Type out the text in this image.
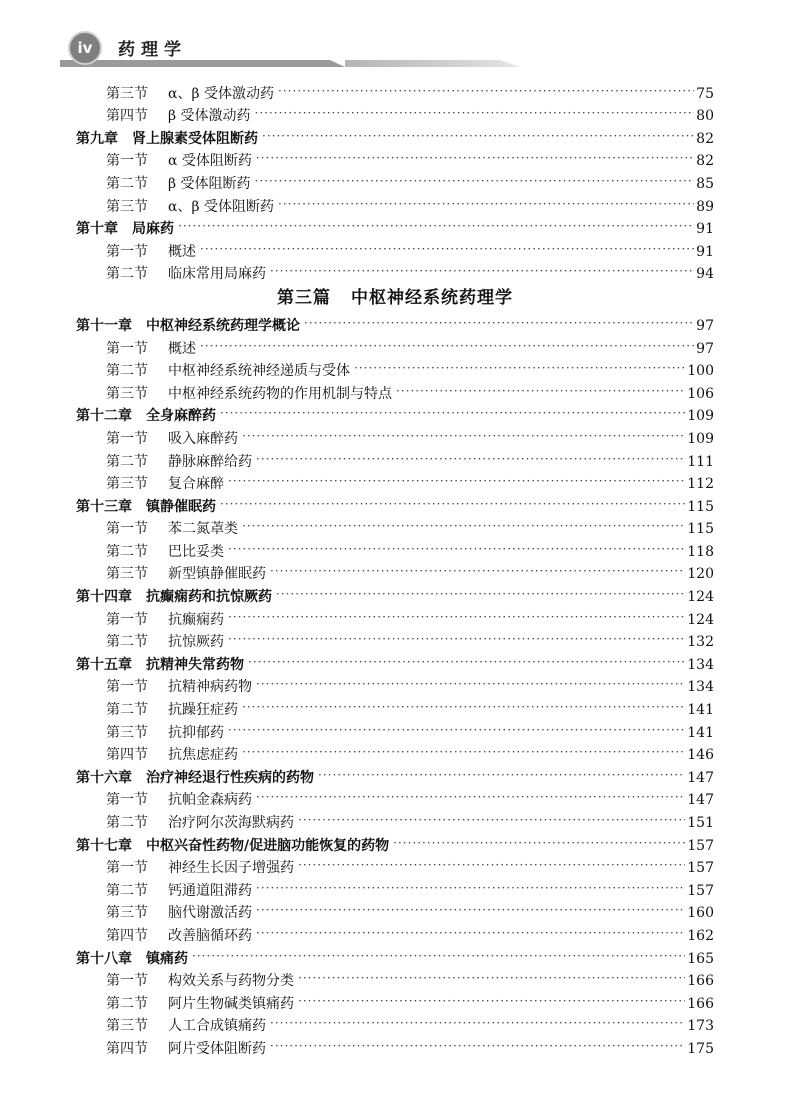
iv	药理学
第三节	α、β 受体激动药 ·····	75
第四节	β 受体激动药 ·····	80
第九章 肾上腺素受体阻断药 ·····	82
第一节	α 受体阻断药 ·····	82
第二节	β 受体阻断药 ·····	85
第三节	α、β 受体阻断药 ·····	89
第十章 局麻药 ·····	91
第一节	概述 ·····	91
第二节	临床常用局麻药 ·····	94
第三篇 中枢神经系统药理学
第十一章 中枢神经系统药理学概论 ·····	97
第一节	概述 ·····	97
第二节	中枢神经系统神经递质与受体 ·····	100
第三节	中枢神经系统药物的作用机制与特点 ·····	106
第十二章 全身麻醉药 ·····	109
第一节	吸入麻醉药 ·····	109
第二节	静脉麻醉给药 ·····	111
第三节	复合麻醉 ·····	112
第十三章 镇静催眠药 ·····	115
第一节	苯二氮䓬类 ·····	115
第二节	巴比妥类 ·····	118
第三节	新型镇静催眠药 ·····	120
第十四章 抗癫痫药和抗惊厥药 ·····	124
第一节	抗癫痫药 ·····	124
第二节	抗惊厥药 ·····	132
第十五章 抗精神失常药物 ·····	134
第一节	抗精神病药物 ·····	134
第二节	抗躁狂症药 ·····	141
第三节	抗抑郁药 ·····	141
第四节	抗焦虑症药 ·····	146
第十六章 治疗神经退行性疾病的药物 ·····	147
第一节	抗帕金森病药 ·····	147
第二节	治疗阿尔茨海默病药 ·····	151
第十七章 中枢兴奋性药物/促进脑功能恢复的药物 ·····	157
第一节	神经生长因子增强药 ·····	157
第二节	钙通道阻滞药 ·····	157
第三节	脑代谢激活药 ·····	160
第四节	改善脑循环药 ·····	162
第十八章 镇痛药 ·····	165
第一节	构效关系与药物分类 ·····	166
第二节	阿片生物碱类镇痛药 ·····	166
第三节	人工合成镇痛药 ·····	173
第四节	阿片受体阻断药 ·····	175
